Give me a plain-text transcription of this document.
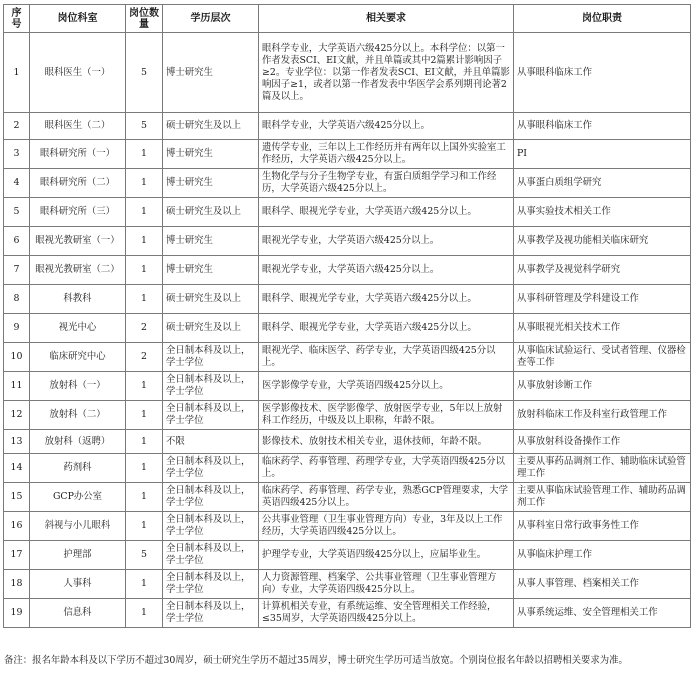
序号	岗位科室	岗位数量	学历层次	相关要求	岗位职责
1	眼科医生（一）	5	博士研究生	眼科学专业，大学英语六级425分以上。本科学位：以第一作者发表SCI、EI文献，并且单篇或其中2篇累计影响因子≥2。专业学位：以第一作者发表SCI、EI文献，并且单篇影响因子≥1，或者以第一作者发表中华医学会系列期刊论著2篇及以上。	从事眼科临床工作
2	眼科医生（二）	5	硕士研究生及以上	眼科学专业，大学英语六级425分以上。	从事眼科临床工作
3	眼科研究所（一）	1	博士研究生	遗传学专业，三年以上工作经历并有两年以上国外实验室工作经历，大学英语六级425分以上。	PI
4	眼科研究所（二）	1	博士研究生	生物化学与分子生物学专业，有蛋白质组学学习和工作经历，大学英语六级425分以上。	从事蛋白质组学研究
5	眼科研究所（三）	1	硕士研究生及以上	眼科学、眼视光学专业，大学英语六级425分以上。	从事实验技术相关工作
6	眼视光教研室（一）	1	博士研究生	眼视光学专业，大学英语六级425分以上。	从事教学及视功能相关临床研究
7	眼视光教研室（二）	1	博士研究生	眼视光学专业，大学英语六级425分以上。	从事教学及视觉科学研究
8	科教科	1	硕士研究生及以上	眼科学、眼视光学专业，大学英语六级425分以上。	从事科研管理及学科建设工作
9	视光中心	2	硕士研究生及以上	眼科学、眼视光学专业，大学英语六级425分以上。	从事眼视光相关技术工作
10	临床研究中心	2	全日制本科及以上，学士学位	眼视光学、临床医学、药学专业，大学英语四级425分以上。	从事临床试验运行、受试者管理、仪器检查等工作
11	放射科（一）	1	全日制本科及以上，学士学位	医学影像学专业，大学英语四级425分以上。	从事放射诊断工作
12	放射科（二）	1	全日制本科及以上，学士学位	医学影像技术、医学影像学、放射医学专业，5年以上放射科工作经历，中级及以上职称，年龄不限。	放射科临床工作及科室行政管理工作
13	放射科（返聘）	1	不限	影像技术、放射技术相关专业，退休技师，年龄不限。	从事放射科设备操作工作
14	药剂科	1	全日制本科及以上，学士学位	临床药学、药事管理、药理学专业，大学英语四级425分以上。	主要从事药品调剂工作、辅助临床试验管理工作
15	GCP办公室	1	全日制本科及以上，学士学位	临床药学、药事管理、药学专业，熟悉GCP管理要求，大学英语四级425分以上。	主要从事临床试验管理工作、辅助药品调剂工作
16	斜视与小儿眼科	1	全日制本科及以上，学士学位	公共事业管理（卫生事业管理方向）专业，3年及以上工作经历，大学英语四级425分以上。	从事科室日常行政事务性工作
17	护理部	5	全日制本科及以上，学士学位	护理学专业，大学英语四级425分以上，应届毕业生。	从事临床护理工作
18	人事科	1	全日制本科及以上，学士学位	人力资源管理、档案学、公共事业管理（卫生事业管理方向）专业，大学英语四级425分以上。	从事人事管理、档案相关工作
19	信息科	1	全日制本科及以上，学士学位	计算机相关专业，有系统运维、安全管理相关工作经验，≤35周岁，大学英语四级425分以上。	从事系统运维、安全管理相关工作
备注：报名年龄本科及以下学历不超过30周岁，硕士研究生学历不超过35周岁，博士研究生学历可适当放宽。个别岗位报名年龄以招聘相关要求为准。
